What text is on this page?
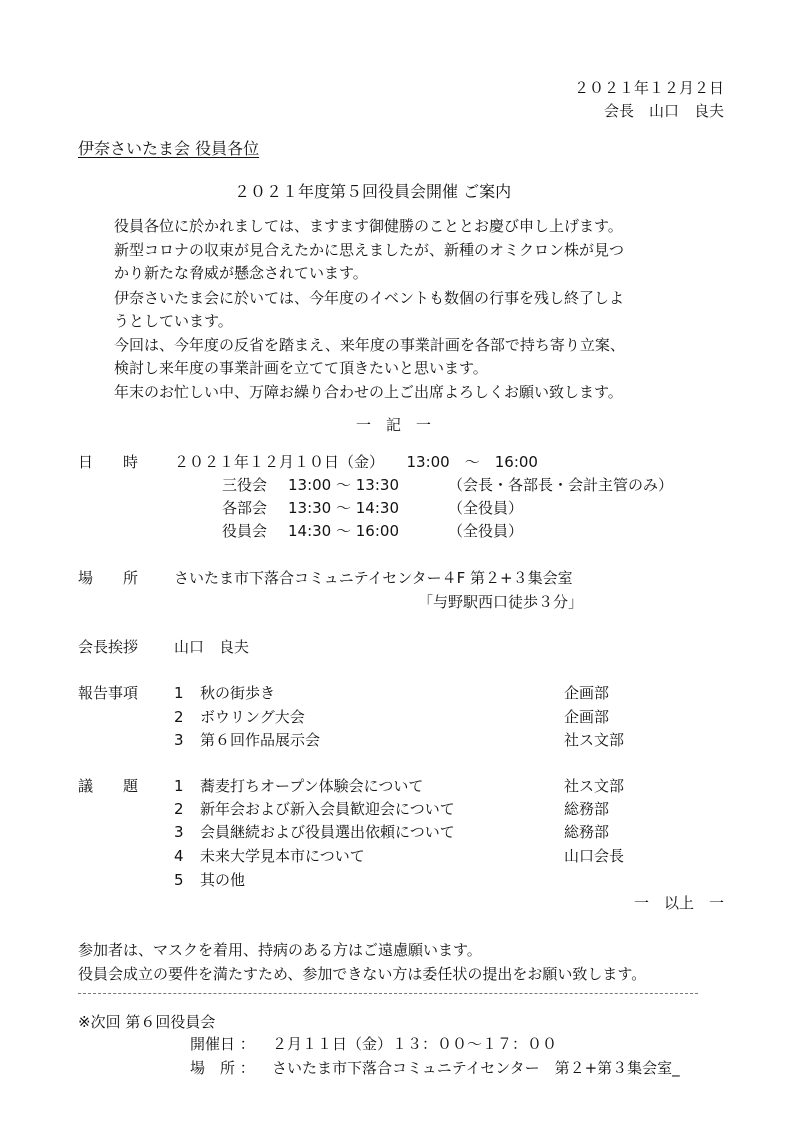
２０２１年１２月２日
会長　山口　良夫
伊奈さいたま会 役員各位
２０２１年度第５回役員会開催 ご案内
役員各位に於かれましては、ますます御健勝のこととお慶び申し上げます。
新型コロナの収束が見合えたかに思えましたが、新種のオミクロン株が見つ
かり新たな脅威が懸念されています。
伊奈さいたま会に於いては、今年度のイベントも数個の行事を残し終了しよ
うとしています。
今回は、今年度の反省を踏まえ、来年度の事業計画を各部で持ち寄り立案、
検討し来年度の事業計画を立てて頂きたいと思います。
年末のお忙しい中、万障お繰り合わせの上ご出席よろしくお願い致します。
一　記　一
日　　時 ２０２１年１２月１０日（金）　　13:00　～　16:00
三役会 13:00 ～ 13:30	（会長・各部長・会計主管のみ）
各部会 13:30 ～ 14:30	（全役員）
役員会 14:30 ～ 16:00	（全役員）
場　　所 さいたま市下落合コミュニテイセンター４F 第２+３集会室
「与野駅西口徒歩３分」
会長挨拶 山口　良夫
報告事項 1 秋の街歩き	企画部
2 ボウリング大会	企画部
3 第６回作品展示会	社ス文部
議　　題 1 蕎麦打ちオープン体験会について	社ス文部
2 新年会および新入会員歓迎会について	総務部
3 会員継続および役員選出依頼について	総務部
4 未来大学見本市について	山口会長
5 其の他
一　以上　一
参加者は、マスクを着用、持病のある方はご遠慮願います。
役員会成立の要件を満たすため、参加できない方は委任状の提出をお願い致します。
※次回 第６回役員会
開催日 ： ２月１１日（金）１３：００～１７：００
場　所 ： さいたま市下落合コミュニテイセンター　第２+第３集会室_
